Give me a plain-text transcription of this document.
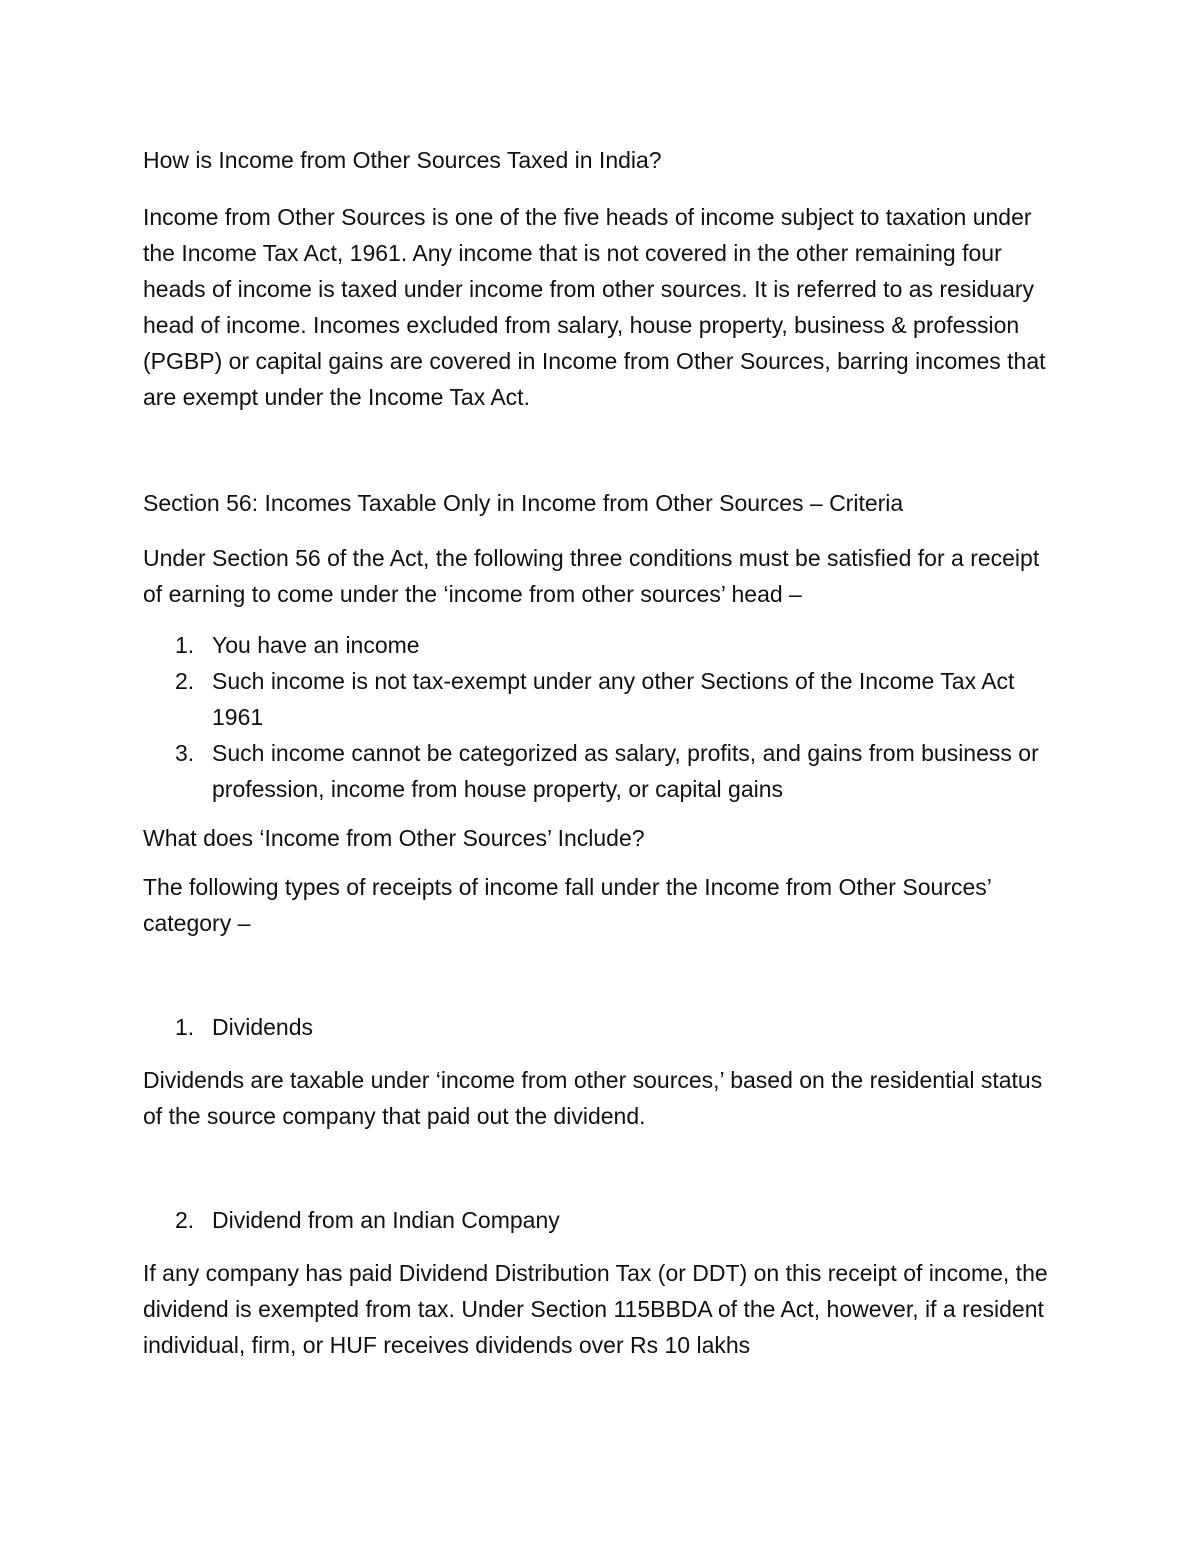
How is Income from Other Sources Taxed in India?

Income from Other Sources is one of the five heads of income subject to taxation under the Income Tax Act, 1961. Any income that is not covered in the other remaining four heads of income is taxed under income from other sources. It is referred to as residuary head of income. Incomes excluded from salary, house property, business & profession (PGBP) or capital gains are covered in Income from Other Sources, barring incomes that are exempt under the Income Tax Act.

Section 56: Incomes Taxable Only in Income from Other Sources – Criteria

Under Section 56 of the Act, the following three conditions must be satisfied for a receipt of earning to come under the ‘income from other sources’ head –

You have an income
Such income is not tax-exempt under any other Sections of the Income Tax Act 1961
Such income cannot be categorized as salary, profits, and gains from business or profession, income from house property, or capital gains

What does ‘Income from Other Sources’ Include?

The following types of receipts of income fall under the Income from Other Sources’ category –

1. Dividends

Dividends are taxable under ‘income from other sources,’ based on the residential status of the source company that paid out the dividend.

2. Dividend from an Indian Company

If any company has paid Dividend Distribution Tax (or DDT) on this receipt of income, the dividend is exempted from tax. Under Section 115BBDA of the Act, however, if a resident individual, firm, or HUF receives dividends over Rs 10 lakhs
